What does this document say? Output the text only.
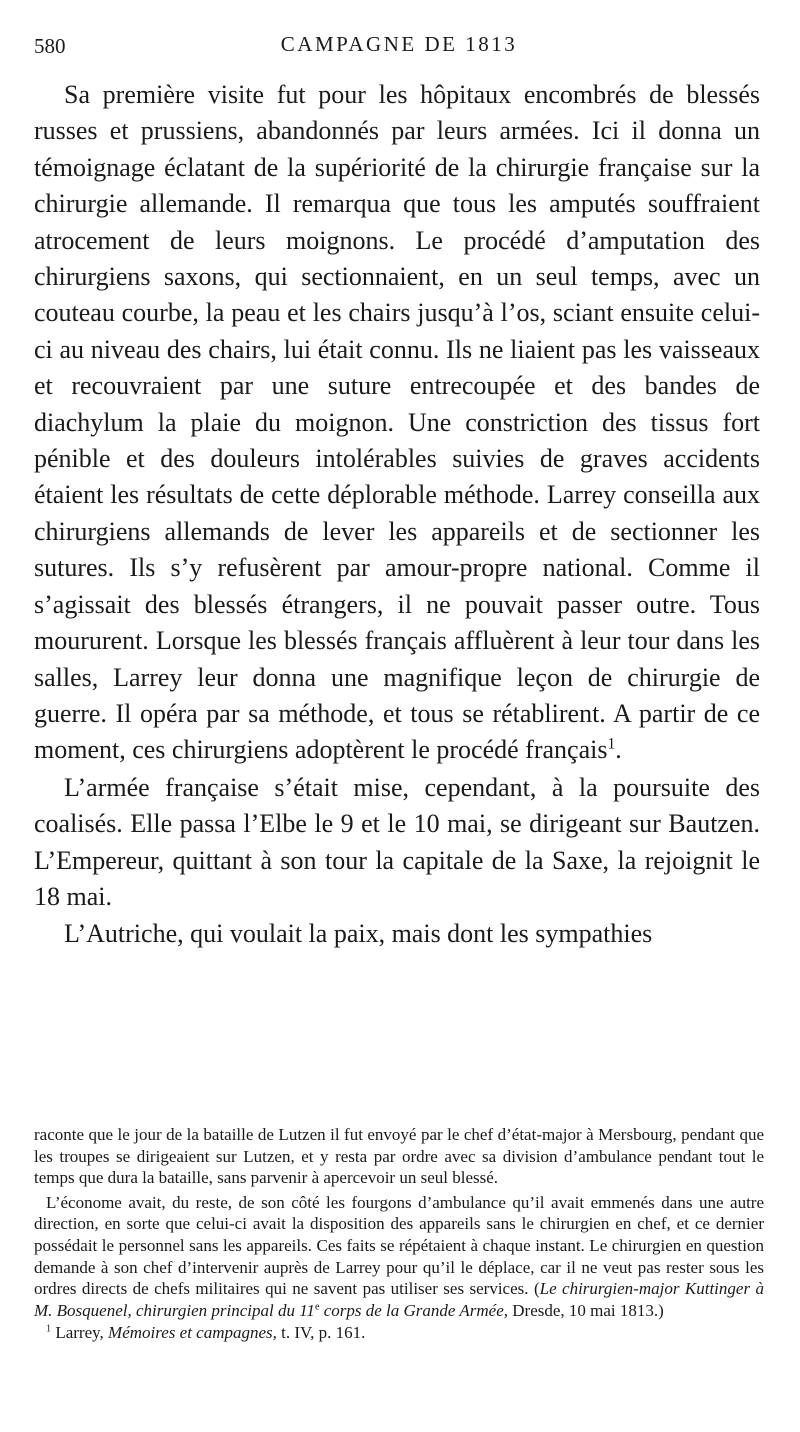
580	CAMPAGNE DE 1813

Sa première visite fut pour les hôpitaux encombrés de blessés russes et prussiens, abandonnés par leurs armées. Ici il donna un témoignage éclatant de la supériorité de la chirurgie française sur la chirurgie allemande. Il remarqua que tous les amputés souffraient atrocement de leurs moignons. Le procédé d’amputation des chirurgiens saxons, qui sectionnaient, en un seul temps, avec un couteau courbe, la peau et les chairs jusqu’à l’os, sciant ensuite celui-ci au niveau des chairs, lui était connu. Ils ne liaient pas les vaisseaux et recouvraient par une suture entrecoupée et des bandes de diachylum la plaie du moignon. Une constriction des tissus fort pénible et des douleurs intolérables suivies de graves accidents étaient les résultats de cette déplorable méthode. Larrey conseilla aux chirurgiens allemands de lever les appareils et de sectionner les sutures. Ils s’y refusèrent par amour-propre national. Comme il s’agissait des blessés étrangers, il ne pouvait passer outre. Tous moururent. Lorsque les blessés français affluèrent à leur tour dans les salles, Larrey leur donna une magnifique leçon de chirurgie de guerre. Il opéra par sa méthode, et tous se rétablirent. A partir de ce moment, ces chirurgiens adoptèrent le procédé français$^1$.

L’armée française s’était mise, cependant, à la poursuite des coalisés. Elle passa l’Elbe le 9 et le 10 mai, se dirigeant sur Bautzen. L’Empereur, quittant à son tour la capitale de la Saxe, la rejoignit le 18 mai.

L’Autriche, qui voulait la paix, mais dont les sympathies

raconte que le jour de la bataille de Lutzen il fut envoyé par le chef d’état-major à Mersbourg, pendant que les troupes se dirigeaient sur Lutzen, et y resta par ordre avec sa division d’ambulance pendant tout le temps que dura la bataille, sans parvenir à apercevoir un seul blessé.

L’économe avait, du reste, de son côté les fourgons d’ambulance qu’il avait emmenés dans une autre direction, en sorte que celui-ci avait la disposition des appareils sans le chirurgien en chef, et ce dernier possédait le personnel sans les appareils. Ces faits se répétaient à chaque instant. Le chirurgien en question demande à son chef d’intervenir auprès de Larrey pour qu’il le déplace, car il ne veut pas rester sous les ordres directs de chefs militaires qui ne savent pas utiliser ses services. (Le chirurgien-major Kuttinger à M. Bosquenel, chirurgien principal du 11e corps de la Grande Armée, Dresde, 10 mai 1813.)

$^1$ Larrey, Mémoires et campagnes, t. IV, p. 161.
